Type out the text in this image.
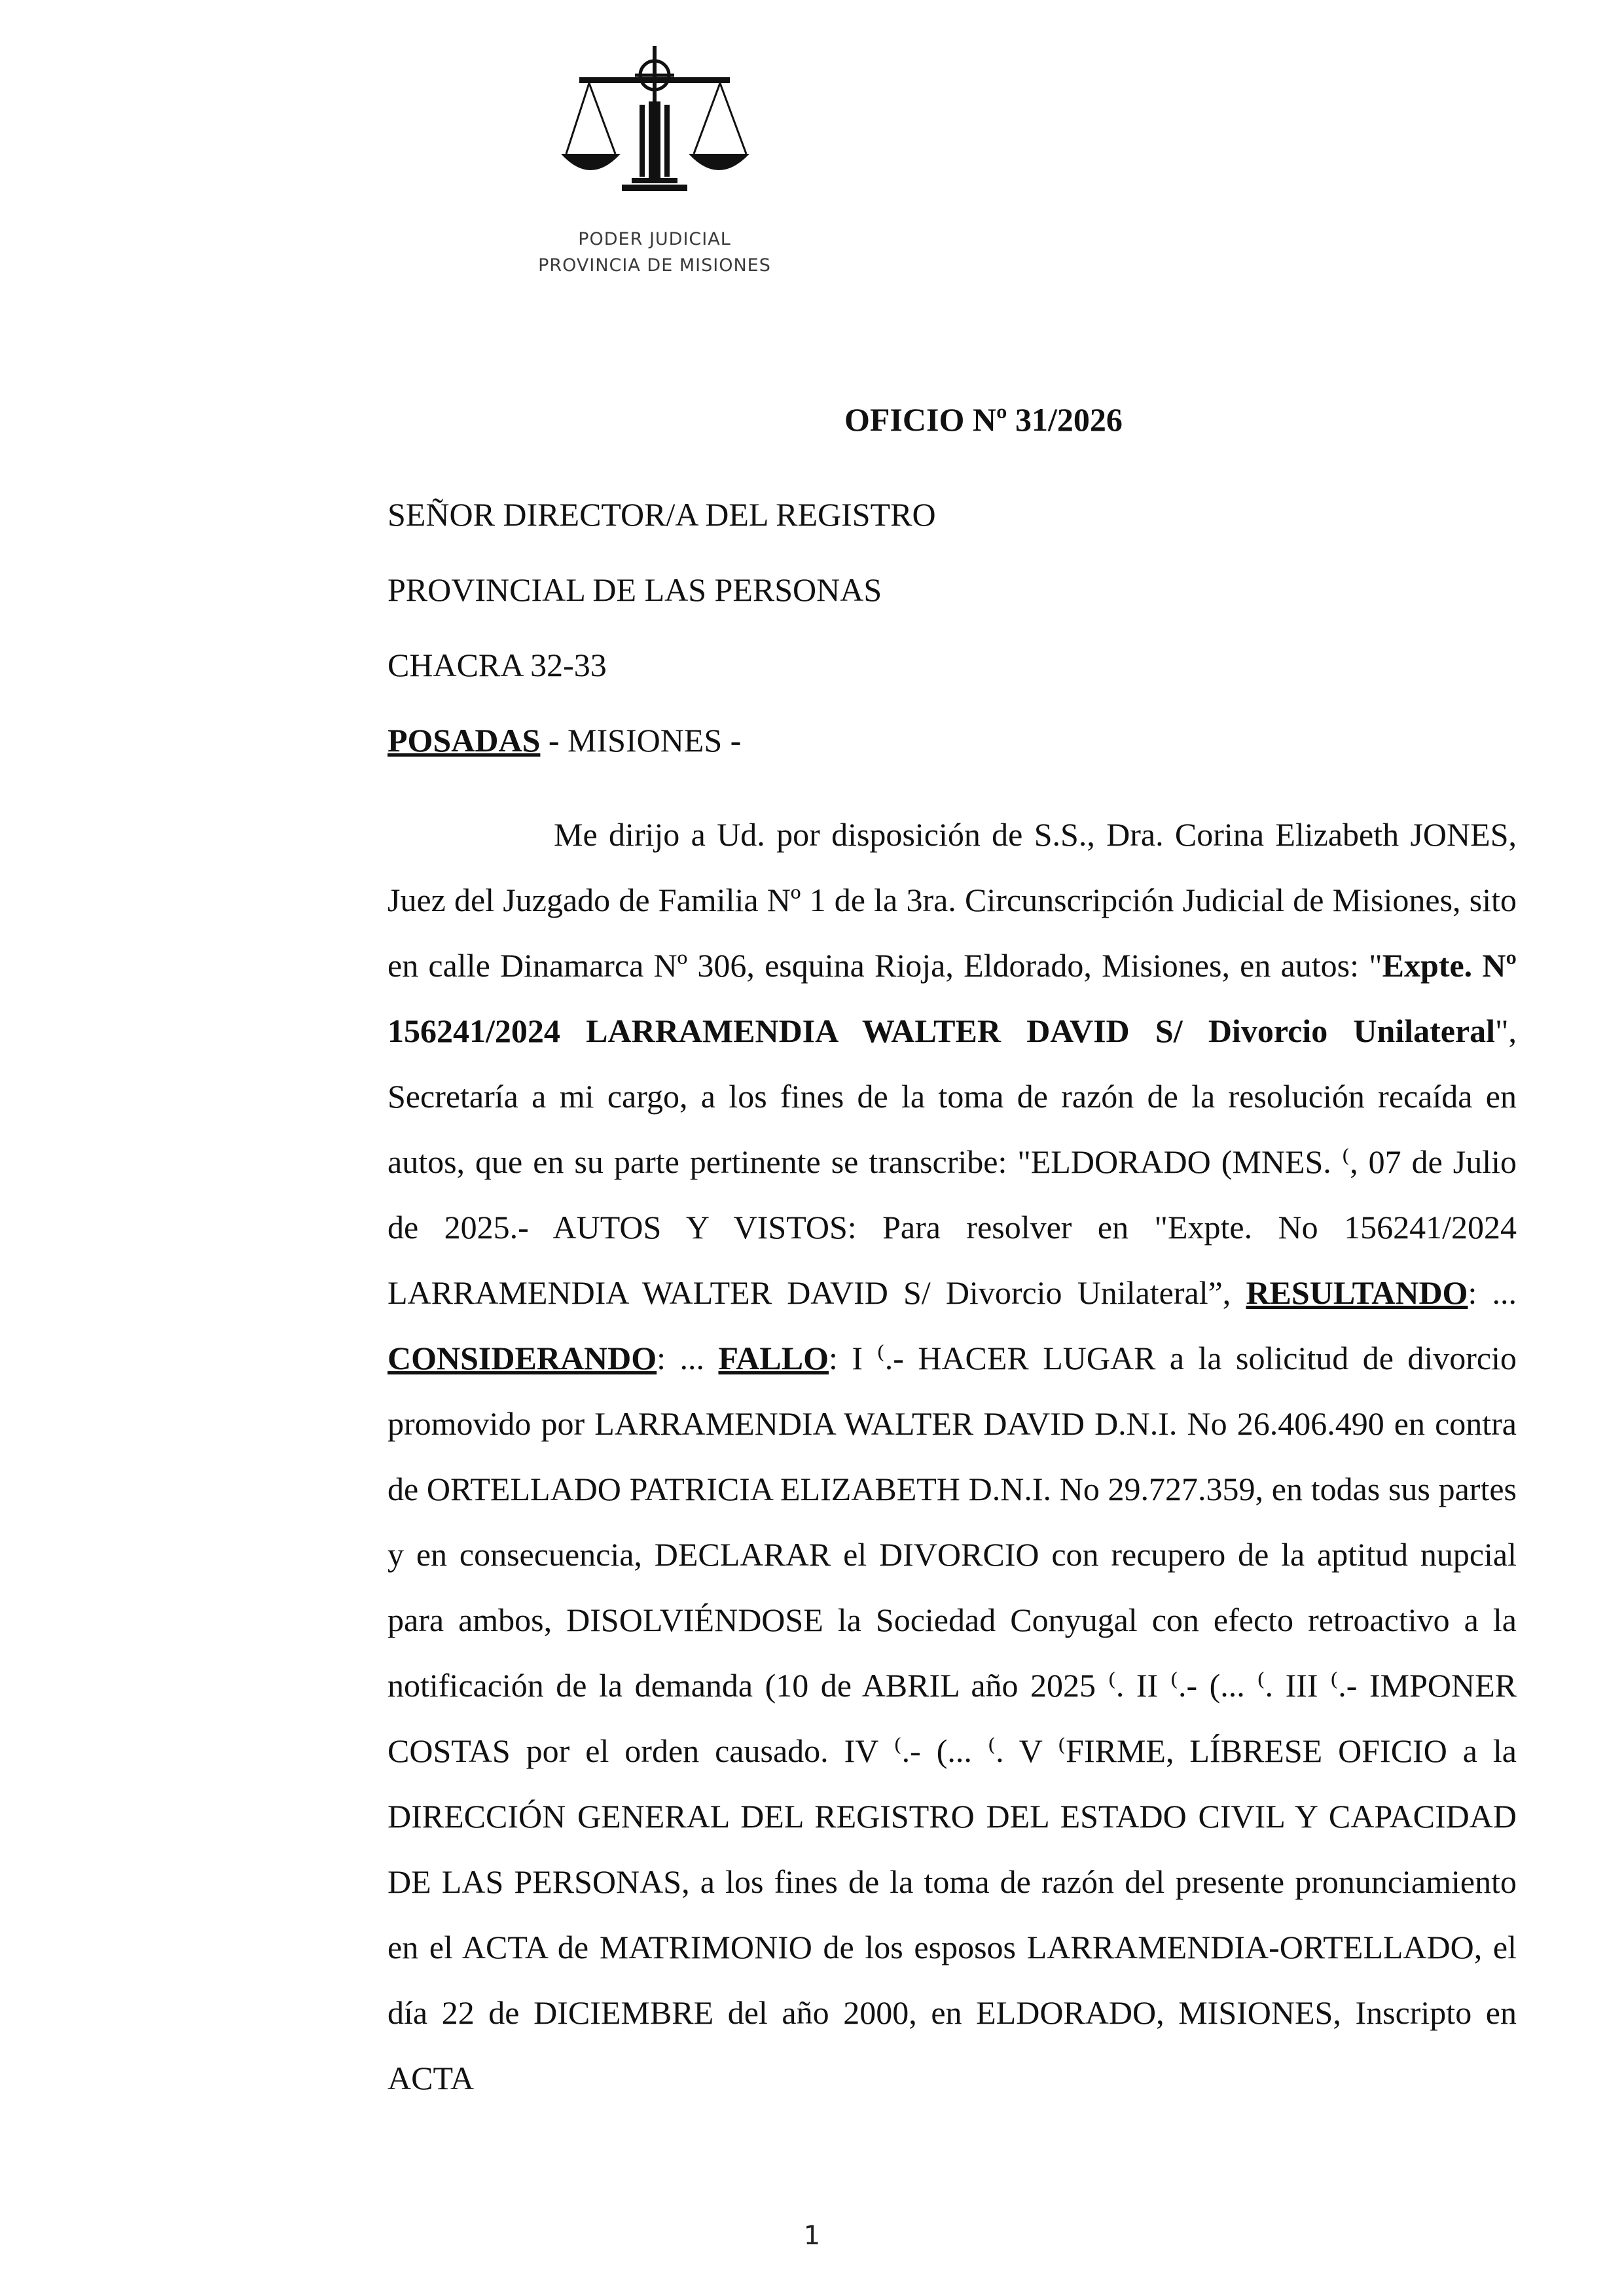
PODER JUDICIAL
PROVINCIA DE MISIONES
OFICIO Nº 31/2026
SEÑOR DIRECTOR/A DEL REGISTRO
PROVINCIAL DE LAS PERSONAS
CHACRA 32-33
POSADAS - MISIONES -

Me dirijo a Ud. por disposición de S.S., Dra. Corina Elizabeth JONES, Juez del Juzgado de Familia Nº 1 de la 3ra. Circunscripción Judicial de Misiones, sito en calle Dinamarca Nº 306, esquina Rioja, Eldorado, Misiones, en autos: "Expte. Nº 156241/2024 LARRAMENDIA WALTER DAVID S/ Divorcio Unilateral", Secretaría a mi cargo, a los fines de la toma de razón de la resolución recaída en autos, que en su parte pertinente se transcribe: "ELDORADO (MNES. ⁽, 07 de Julio de 2025.- AUTOS Y VISTOS: Para resolver en "Expte. No 156241/2024 LARRAMENDIA WALTER DAVID S/ Divorcio Unilateral”, RESULTANDO: ... CONSIDERANDO: ... FALLO: I ⁽.- HACER LUGAR a la solicitud de divorcio promovido por LARRAMENDIA WALTER DAVID D.N.I. No 26.406.490 en contra de ORTELLADO PATRICIA ELIZABETH D.N.I. No 29.727.359, en todas sus partes y en consecuencia, DECLARAR el DIVORCIO con recupero de la aptitud nupcial para ambos, DISOLVIÉNDOSE la Sociedad Conyugal con efecto retroactivo a la notificación de la demanda (10 de ABRIL año 2025 ⁽. II ⁽.- (... ⁽. III ⁽.- IMPONER COSTAS por el orden causado. IV ⁽.- (... ⁽. V ⁽FIRME, LÍBRESE OFICIO a la DIRECCIÓN GENERAL DEL REGISTRO DEL ESTADO CIVIL Y CAPACIDAD DE LAS PERSONAS, a los fines de la toma de razón del presente pronunciamiento en el ACTA de MATRIMONIO de los esposos LARRAMENDIA-ORTELLADO, el día 22 de DICIEMBRE del año 2000, en ELDORADO, MISIONES, Inscripto en ACTA

1
